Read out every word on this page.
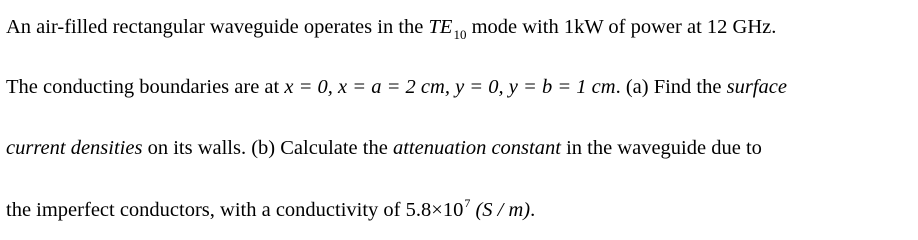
An air-filled rectangular waveguide operates in the $TE_{10}$ mode with 1kW of power at 12 GHz.
The conducting boundaries are at x = 0, x = a = 2 cm, y = 0, y = b = 1 cm. (a) Find the surface
current densities on its walls. (b) Calculate the attenuation constant in the waveguide due to
the imperfect conductors, with a conductivity of $5.8\times 10^7$ (S / m).
